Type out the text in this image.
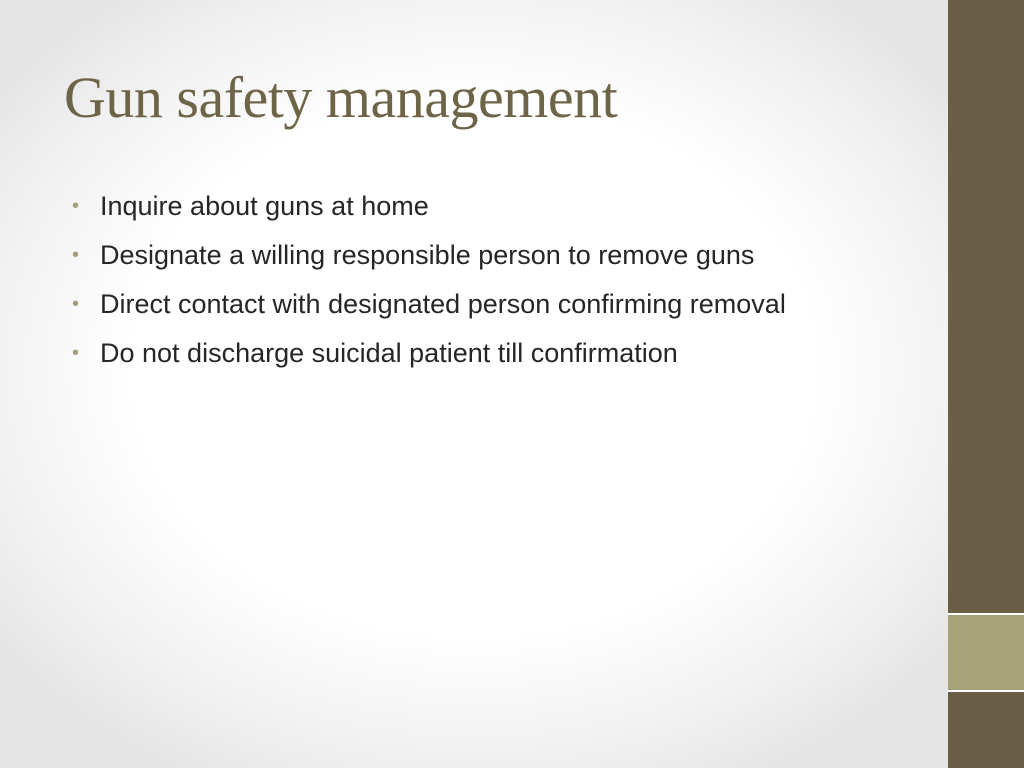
Gun safety management
• Inquire about guns at home
• Designate a willing responsible person to remove guns
• Direct contact with designated person confirming removal
• Do not discharge suicidal patient till confirmation
